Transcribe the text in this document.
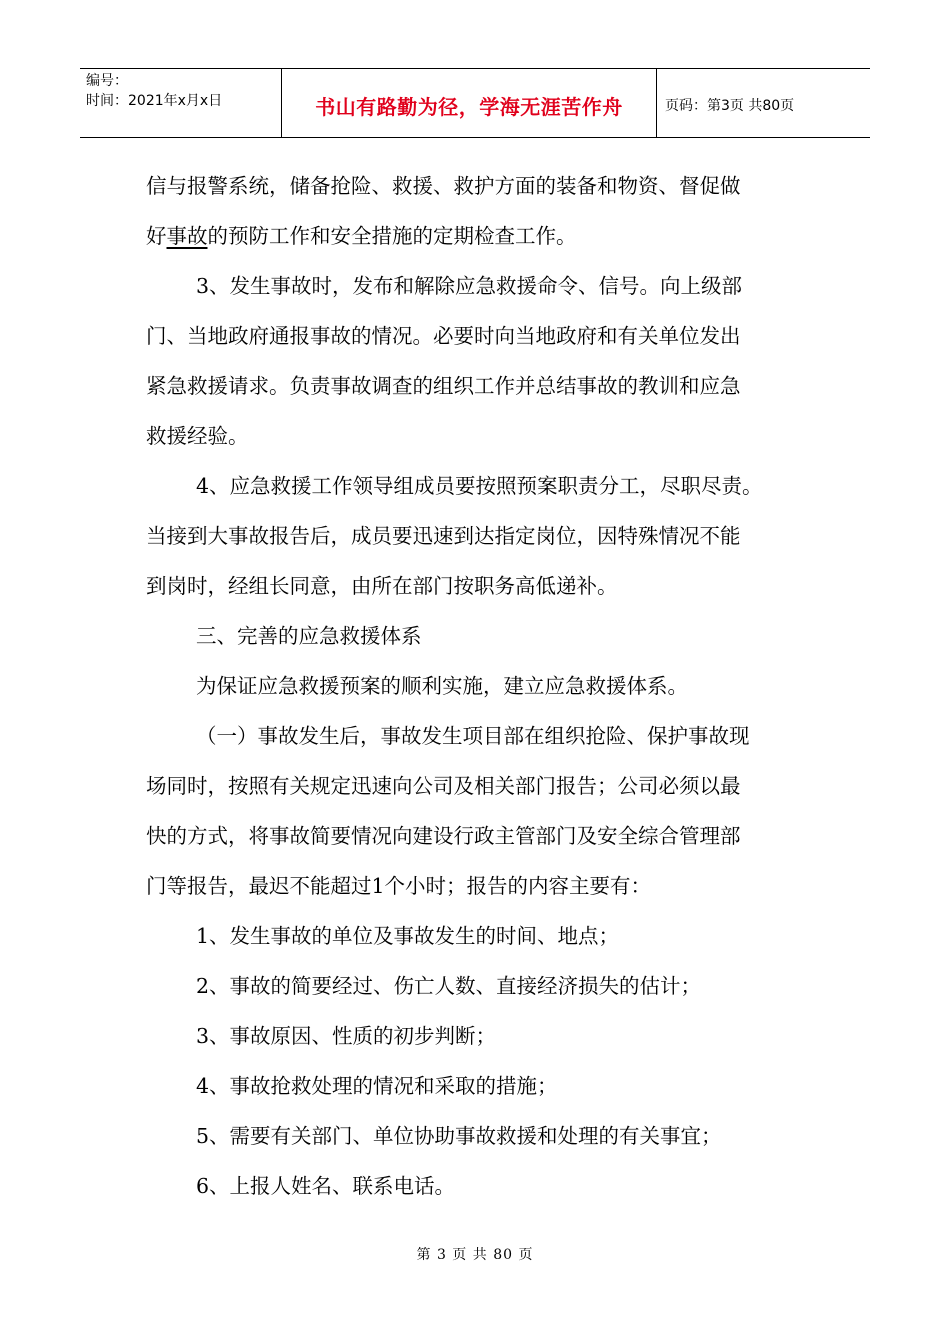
编号：
时间：2021年x月x日	书山有路勤为径，学海无涯苦作舟	页码：第3页 共80页

信与报警系统，储备抢险、救援、救护方面的装备和物资、督促做

好事故的预防工作和安全措施的定期检查工作。

3、发生事故时，发布和解除应急救援命令、信号。向上级部

门、当地政府通报事故的情况。必要时向当地政府和有关单位发出

紧急救援请求。负责事故调查的组织工作并总结事故的教训和应急

救援经验。

4、应急救援工作领导组成员要按照预案职责分工，尽职尽责。

当接到大事故报告后，成员要迅速到达指定岗位，因特殊情况不能

到岗时，经组长同意，由所在部门按职务高低递补。

三、完善的应急救援体系

为保证应急救援预案的顺利实施，建立应急救援体系。

（一）事故发生后，事故发生项目部在组织抢险、保护事故现

场同时，按照有关规定迅速向公司及相关部门报告；公司必须以最

快的方式，将事故简要情况向建设行政主管部门及安全综合管理部

门等报告，最迟不能超过1个小时；报告的内容主要有：

1、发生事故的单位及事故发生的时间、地点；

2、事故的简要经过、伤亡人数、直接经济损失的估计；

3、事故原因、性质的初步判断；

4、事故抢救处理的情况和采取的措施；

5、需要有关部门、单位协助事故救援和处理的有关事宜；

6、上报人姓名、联系电话。

第 3 页 共 80 页
